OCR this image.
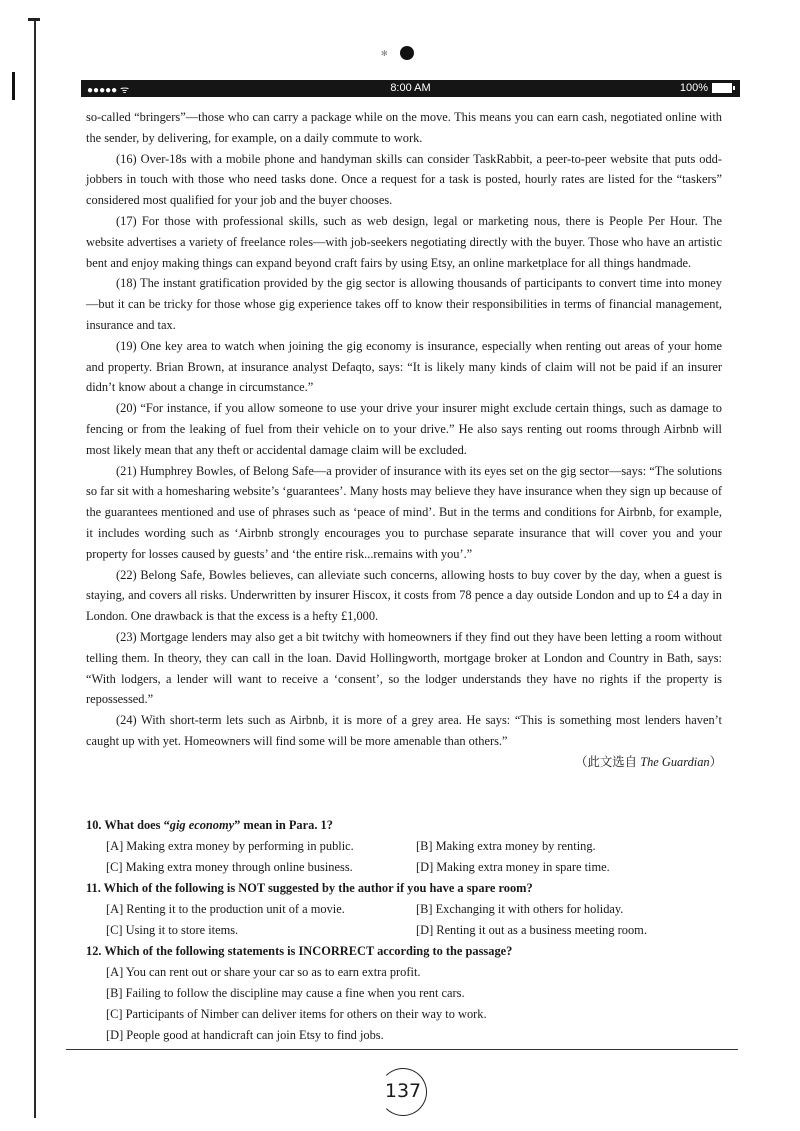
✻
●●●●● ᯤ	8:00 AM	100%

so-called “bringers”—those who can carry a package while on the move. This means you can earn cash, negotiated online with the sender, by delivering, for example, on a daily commute to work.

(16) Over-18s with a mobile phone and handyman skills can consider TaskRabbit, a peer-to-peer website that puts odd-jobbers in touch with those who need tasks done. Once a request for a task is posted, hourly rates are listed for the “taskers” considered most qualified for your job and the buyer chooses.

(17) For those with professional skills, such as web design, legal or marketing nous, there is People Per Hour. The website advertises a variety of freelance roles—with job-seekers negotiating directly with the buyer. Those who have an artistic bent and enjoy making things can expand beyond craft fairs by using Etsy, an online marketplace for all things handmade.

(18) The instant gratification provided by the gig sector is allowing thousands of participants to convert time into money—but it can be tricky for those whose gig experience takes off to know their responsibilities in terms of financial management, insurance and tax.

(19) One key area to watch when joining the gig economy is insurance, especially when renting out areas of your home and property. Brian Brown, at insurance analyst Defaqto, says: “It is likely many kinds of claim will not be paid if an insurer didn’t know about a change in circumstance.”

(20) “For instance, if you allow someone to use your drive your insurer might exclude certain things, such as damage to fencing or from the leaking of fuel from their vehicle on to your drive.” He also says renting out rooms through Airbnb will most likely mean that any theft or accidental damage claim will be excluded.

(21) Humphrey Bowles, of Belong Safe—a provider of insurance with its eyes set on the gig sector—says: “The solutions so far sit with a homesharing website’s ‘guarantees’. Many hosts may believe they have insurance when they sign up because of the guarantees mentioned and use of phrases such as ‘peace of mind’. But in the terms and conditions for Airbnb, for example, it includes wording such as ‘Airbnb strongly encourages you to purchase separate insurance that will cover you and your property for losses caused by guests’ and ‘the entire risk...remains with you’.”

(22) Belong Safe, Bowles believes, can alleviate such concerns, allowing hosts to buy cover by the day, when a guest is staying, and covers all risks. Underwritten by insurer Hiscox, it costs from 78 pence a day outside London and up to £4 a day in London. One drawback is that the excess is a hefty £1,000.

(23) Mortgage lenders may also get a bit twitchy with homeowners if they find out they have been letting a room without telling them. In theory, they can call in the loan. David Hollingworth, mortgage broker at London and Country in Bath, says: “With lodgers, a lender will want to receive a ‘consent’, so the lodger understands they have no rights if the property is repossessed.”

(24) With short-term lets such as Airbnb, it is more of a grey area. He says: “This is something most lenders haven’t caught up with yet. Homeowners will find some will be more amenable than others.”

（此文选自 The Guardian）

10. What does “gig economy” mean in Para. 1?

[A] Making extra money by performing in public.	[B] Making extra money by renting.
[C] Making extra money through online business.	[D] Making extra money in spare time.

11. Which of the following is NOT suggested by the author if you have a spare room?

[A] Renting it to the production unit of a movie.	[B] Exchanging it with others for holiday.
[C] Using it to store items.	[D] Renting it out as a business meeting room.

12. Which of the following statements is INCORRECT according to the passage?

[A] You can rent out or share your car so as to earn extra profit.
[B] Failing to follow the discipline may cause a fine when you rent cars.
[C] Participants of Nimber can deliver items for others on their way to work.
[D] People good at handicraft can join Etsy to find jobs.
137
